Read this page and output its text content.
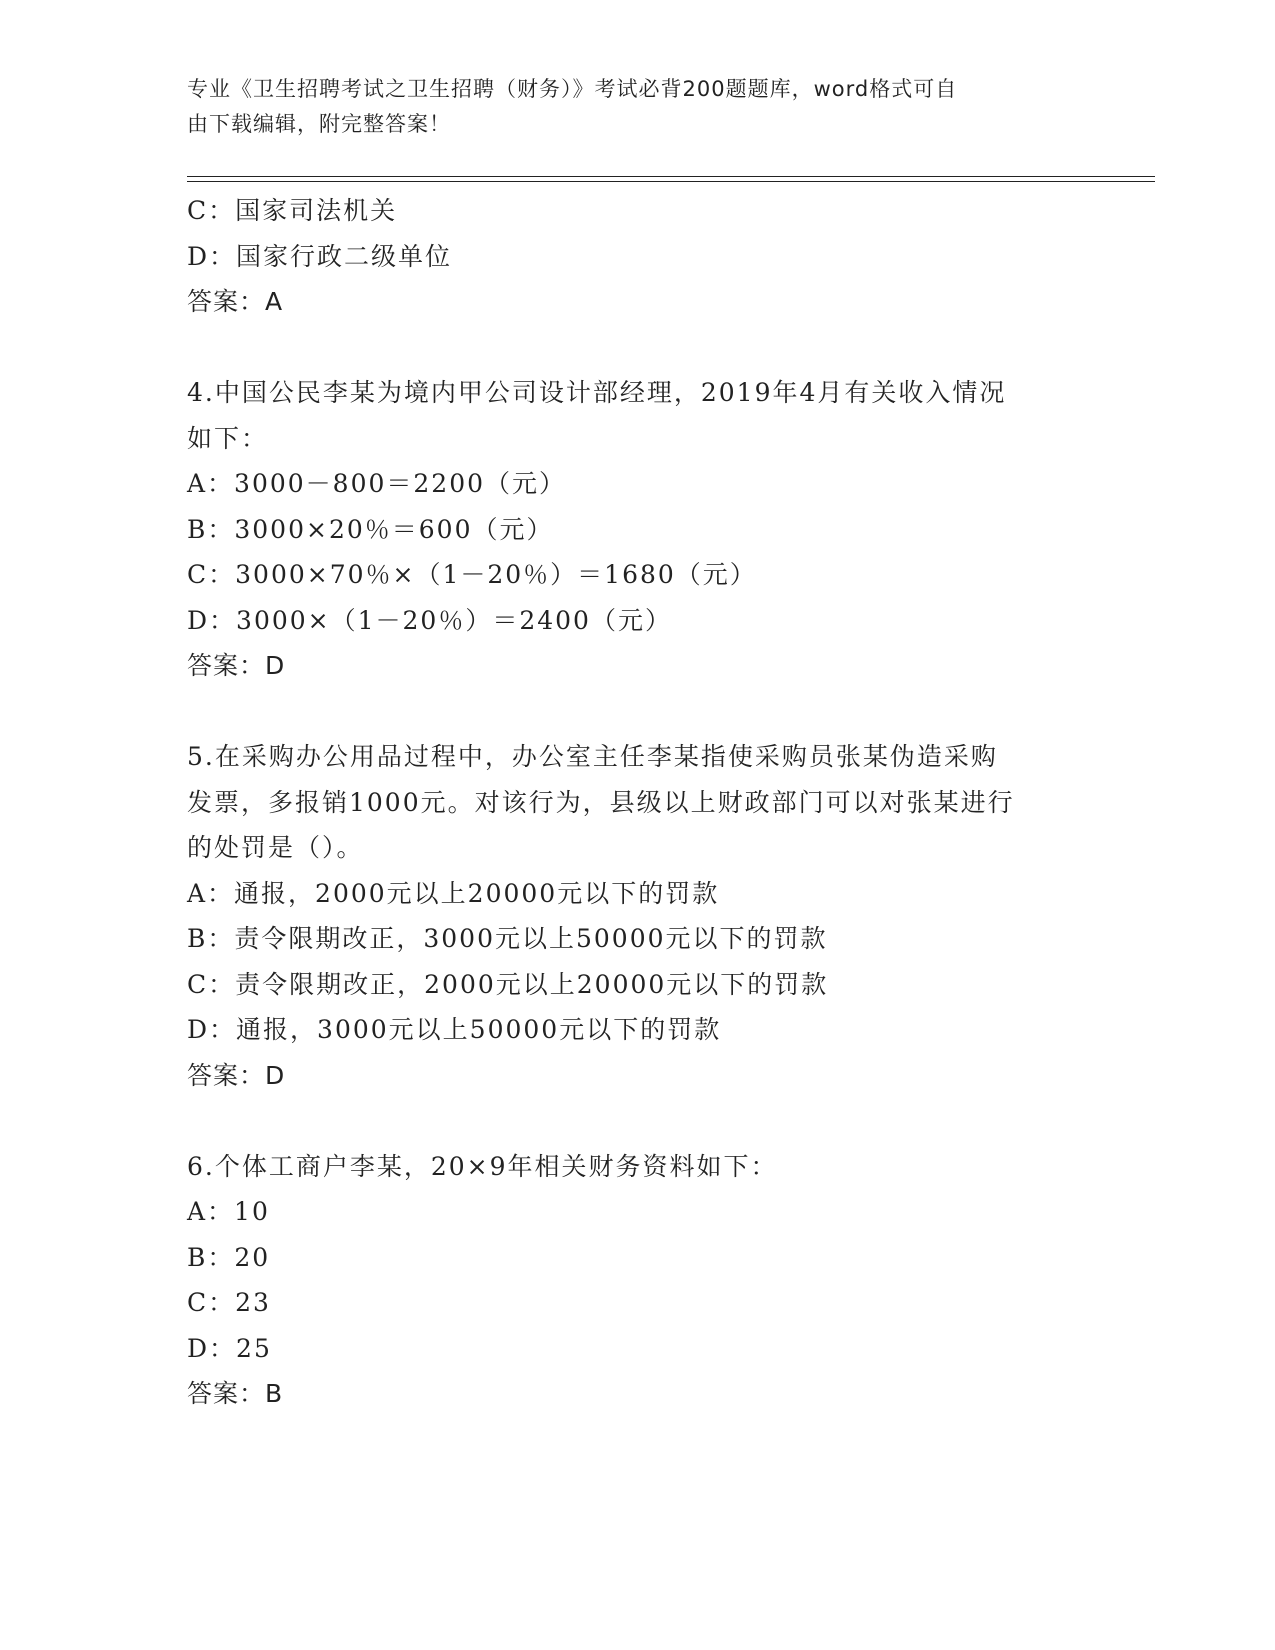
专业《卫生招聘考试之卫生招聘（财务）》考试必背200题题库，word格式可自
由下载编辑，附完整答案！
C：国家司法机关
D：国家行政二级单位
答案：A
4.中国公民李某为境内甲公司设计部经理，2019年4月有关收入情况
如下：
A：3000－800＝2200（元）
B：3000×20％＝600（元）
C：3000×70％×（1－20％）＝1680（元）
D：3000×（1－20％）＝2400（元）
答案：D
5.在采购办公用品过程中，办公室主任李某指使采购员张某伪造采购
发票，多报销1000元。对该行为，县级以上财政部门可以对张某进行
的处罚是（）。
A：通报，2000元以上20000元以下的罚款
B：责令限期改正，3000元以上50000元以下的罚款
C：责令限期改正，2000元以上20000元以下的罚款
D：通报，3000元以上50000元以下的罚款
答案：D
6.个体工商户李某，20×9年相关财务资料如下：
A：10
B：20
C：23
D：25
答案：B
